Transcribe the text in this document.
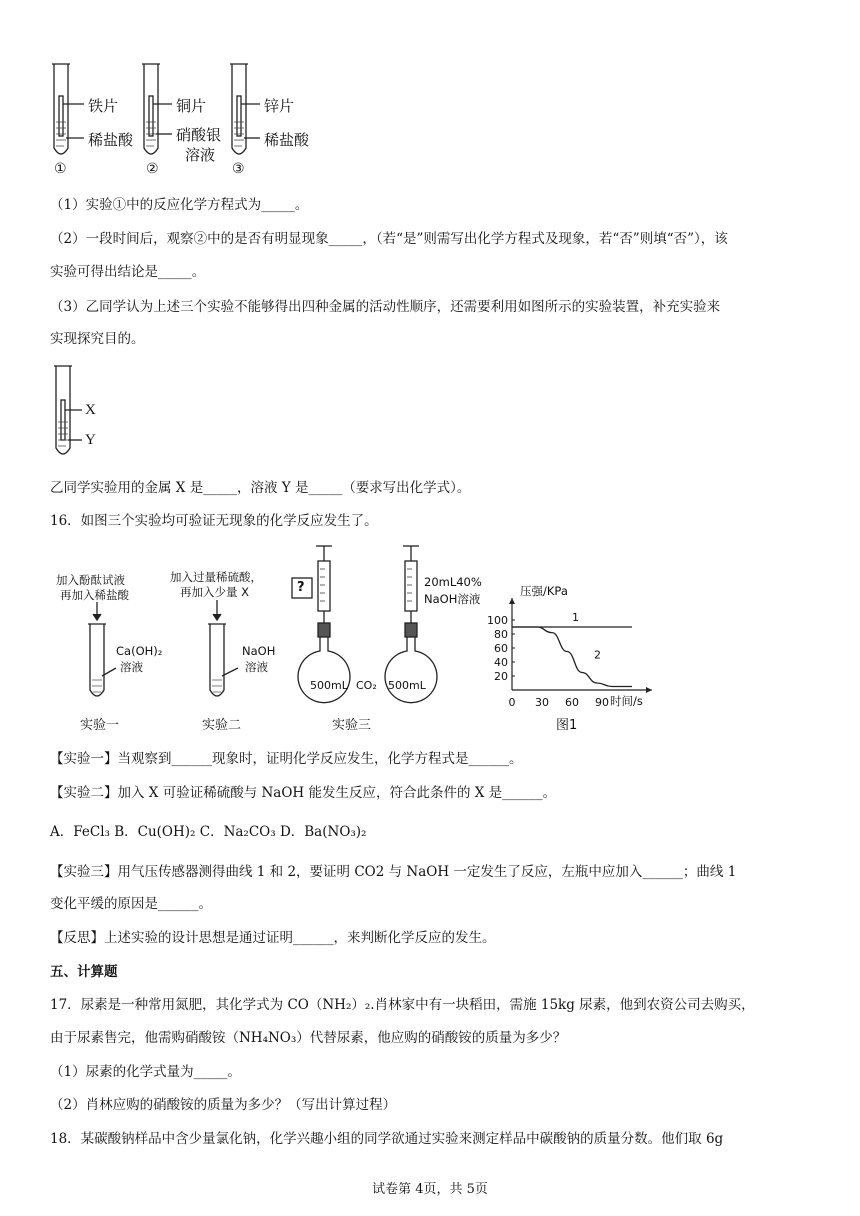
铁片
稀盐酸
①
铜片
硝酸银
溶液
②
锌片
稀盐酸
③
（1）实验①中的反应化学方程式为_____。
（2）一段时间后，观察②中的是否有明显现象_____，（若“是”则需写出化学方程式及现象，若“否”则填“否”），该
实验可得出结论是_____。
（3）乙同学认为上述三个实验不能够得出四种金属的活动性顺序，还需要利用如图所示的实验装置，补充实验来
实现探究目的。
X
Y
乙同学实验用的金属 X 是_____，溶液 Y 是_____（要求写出化学式）。
16．如图三个实验均可验证无现象的化学反应发生了。
加入酚酞试液
再加入稀盐酸
Ca(OH)₂
溶液
实验一
加入过量稀硫酸，
再加入少量 X
NaOH
溶液
实验二
?	20mL40%
NaOH溶液
500mL CO₂ 500mL
实验三
压强/KPa
20
40
60
80
100
0 30 60 90
1
2
时间/s
图1
【实验一】当观察到______现象时，证明化学反应发生，化学方程式是______。
【实验二】加入 X 可验证稀硫酸与 NaOH 能发生反应，符合此条件的 X 是______。
A．FeCl₃ B．Cu(OH)₂ C．Na₂CO₃ D．Ba(NO₃)₂
【实验三】用气压传感器测得曲线 1 和 2，要证明 CO2 与 NaOH 一定发生了反应，左瓶中应加入______；曲线 1
变化平缓的原因是______。
【反思】上述实验的设计思想是通过证明______，来判断化学反应的发生。
五、计算题
17．尿素是一种常用氮肥，其化学式为 CO（NH₂）₂.肖林家中有一块稻田，需施 15kg 尿素，他到农资公司去购买，
由于尿素售完，他需购硝酸铵（NH₄NO₃）代替尿素，他应购的硝酸铵的质量为多少？
（1）尿素的化学式量为_____。
（2）肖林应购的硝酸铵的质量为多少？（写出计算过程）
18．某碳酸钠样品中含少量氯化钠，化学兴趣小组的同学欲通过实验来测定样品中碳酸钠的质量分数。他们取 6g
试卷第 4页，共 5页
